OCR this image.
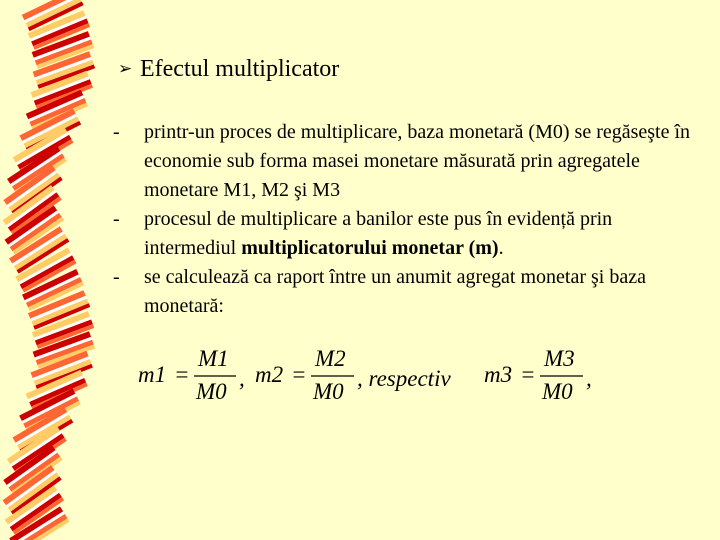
➢ Efectul multiplicator
- printr-un proces de multiplicare, baza monetară (M0) se regăseşte în economie sub forma masei monetare măsurată prin agregatele monetare M1, M2 şi M3
- procesul de multiplicare a banilor este pus în evidență prin intermediul multiplicatorului monetar (m).
- se calculează ca raport între un anumit agregat monetar şi baza monetară:
m1 =
M1
M0
, m2 =
M2
M0
, respectiv m3 =
M3
M0
,
